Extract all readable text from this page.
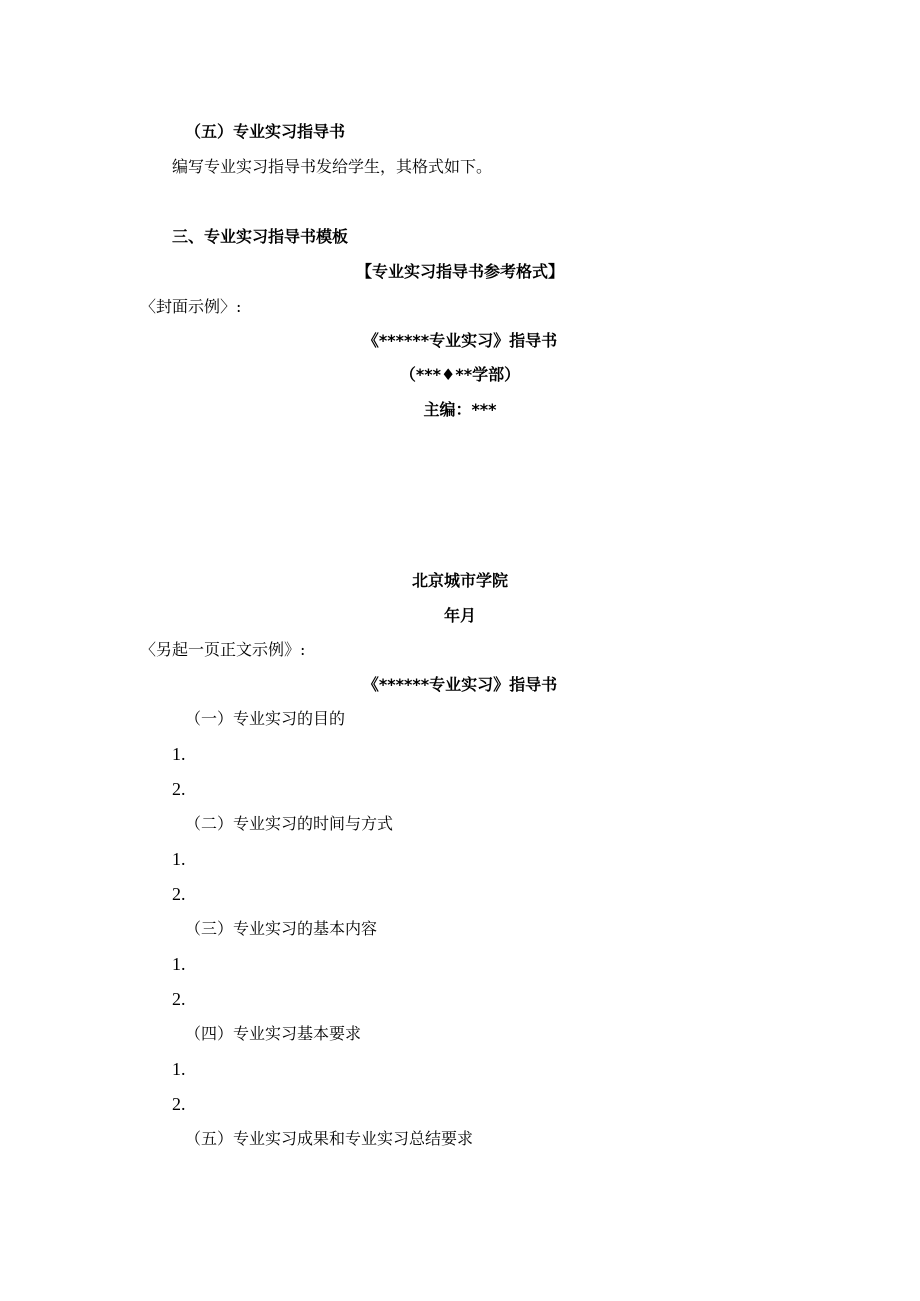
（五）专业实习指导书
编写专业实习指导书发给学生，其格式如下。
三、专业实习指导书模板
【专业实习指导书参考格式】
〈封面示例〉:
《******专业实习》指导书
（***♦**学部）
主编：***
北京城市学院
年月
〈另起一页正文示例》:
《******专业实习》指导书
（一）专业实习的目的
1.
2.
（二）专业实习的时间与方式
1.
2.
（三）专业实习的基本内容
1.
2.
（四）专业实习基本要求
1.
2.
（五）专业实习成果和专业实习总结要求
